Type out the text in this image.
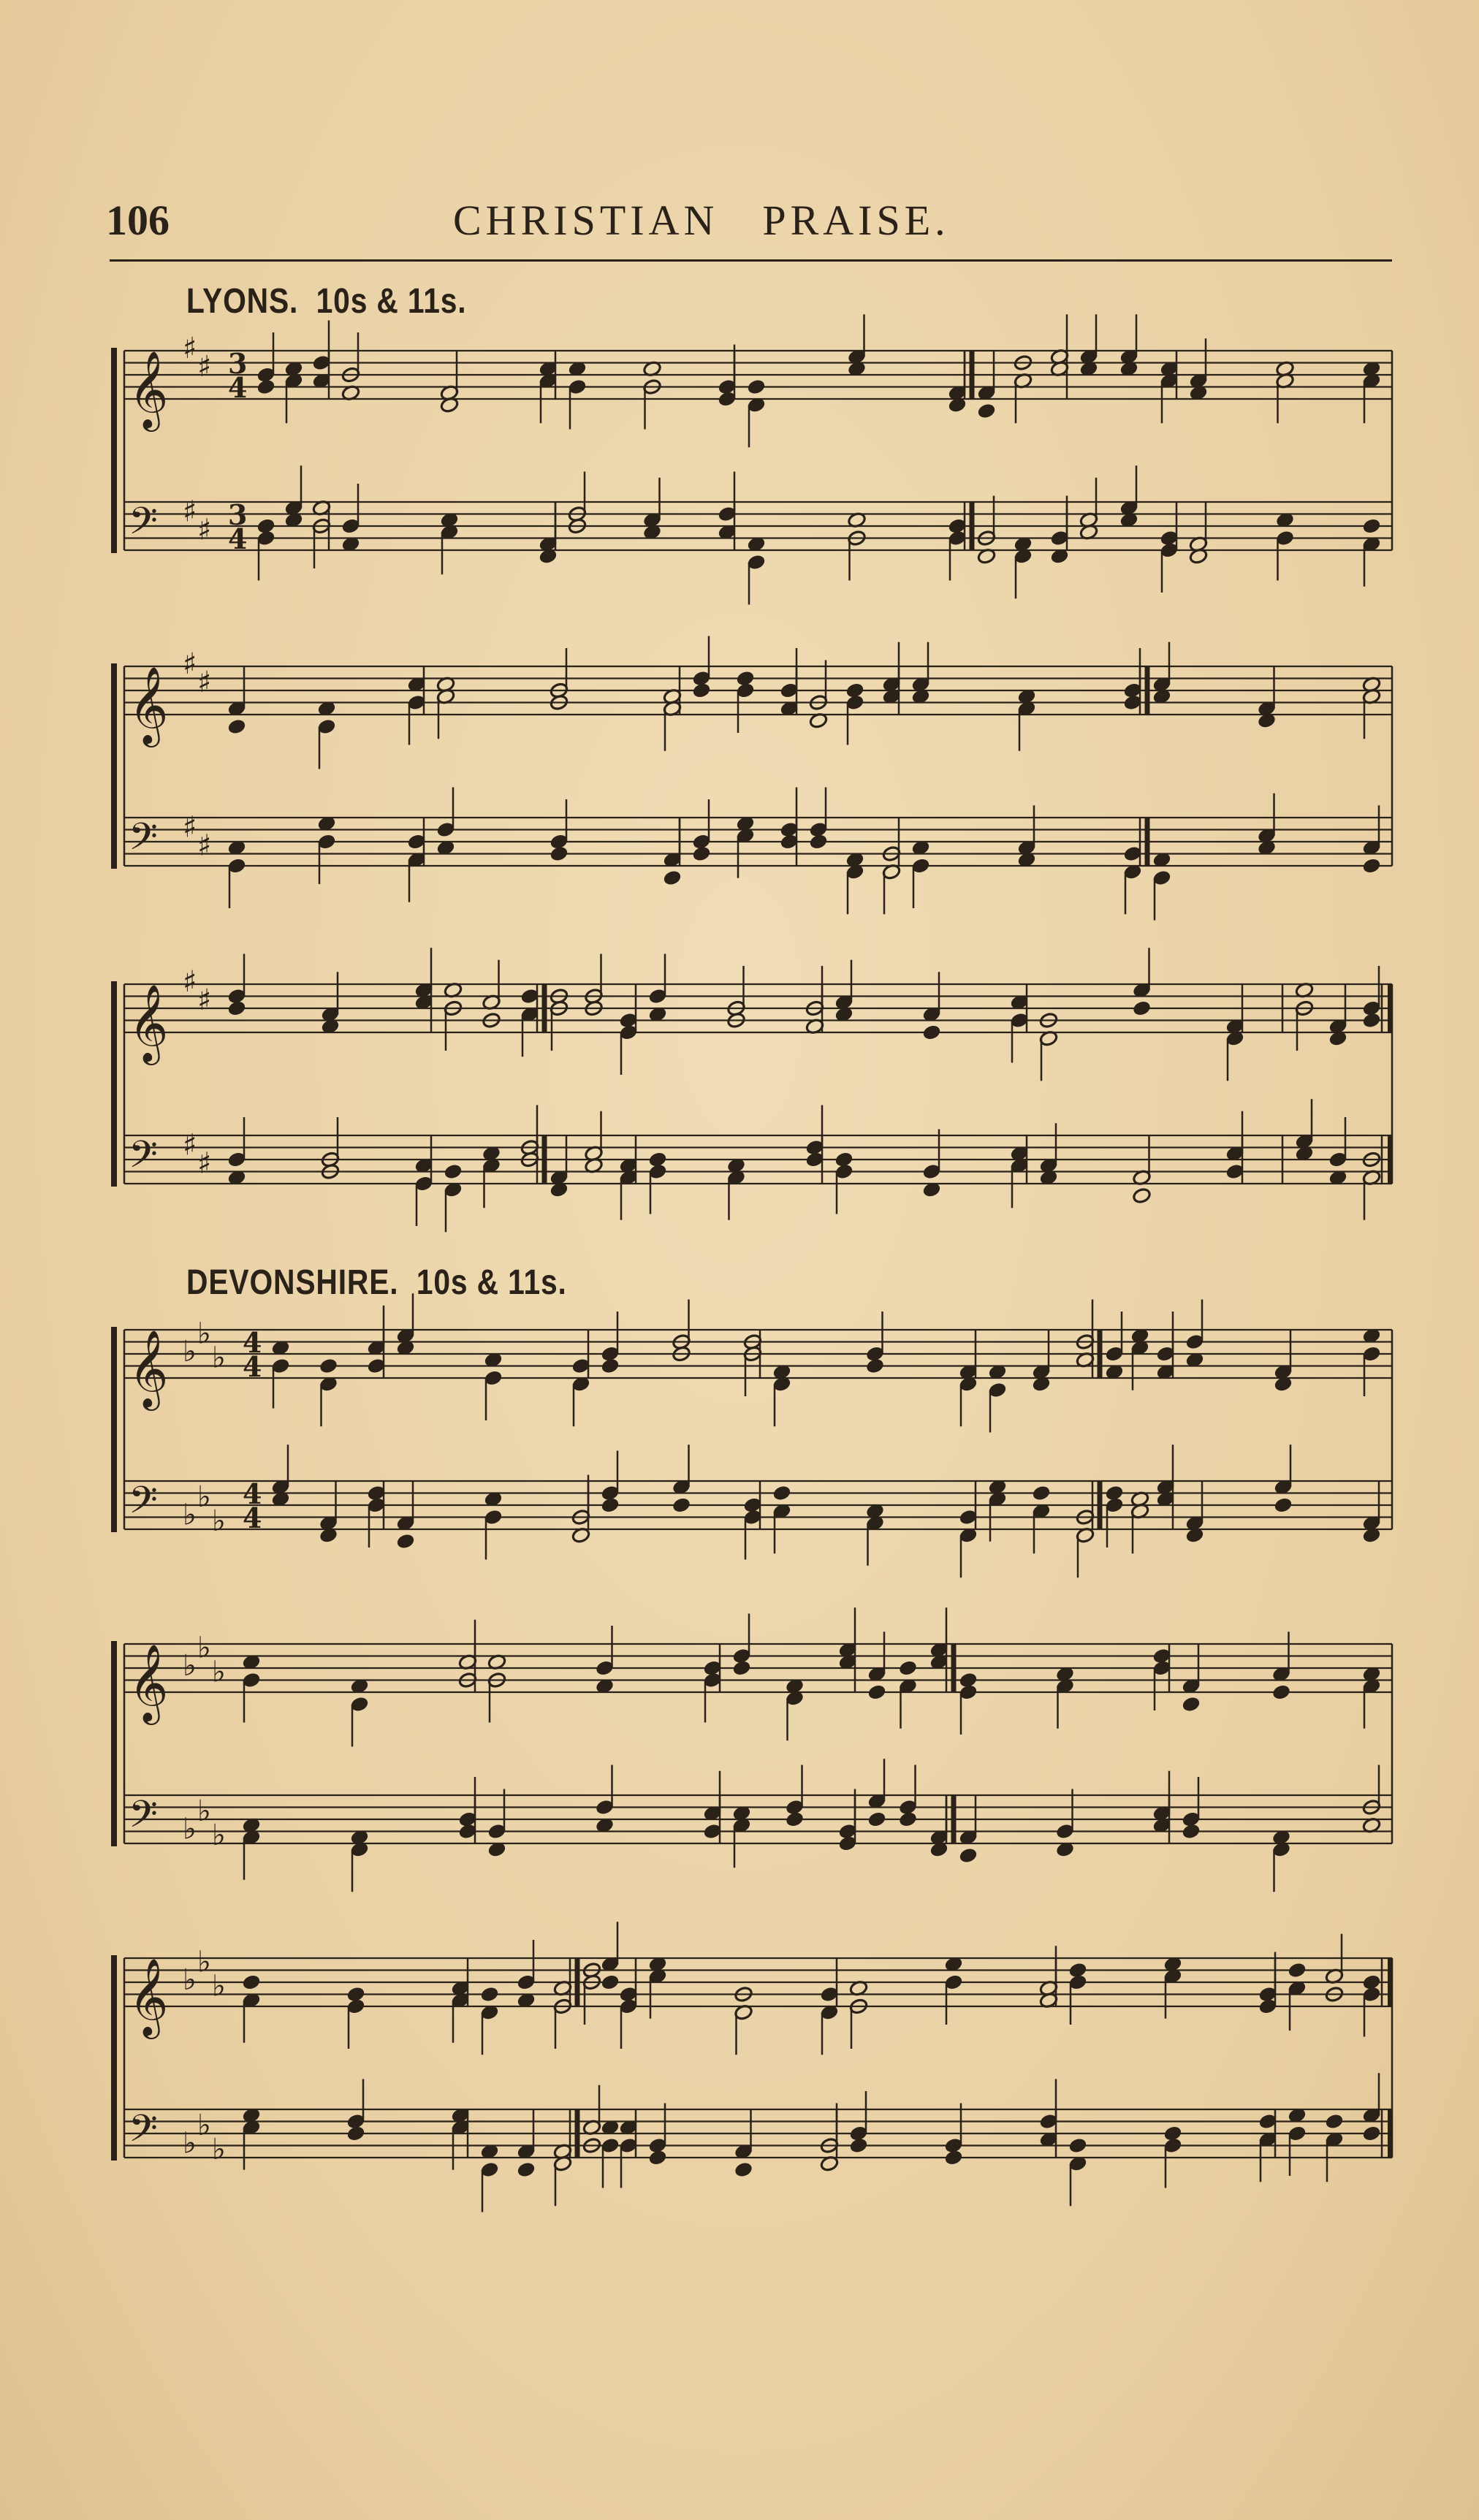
106	CHRISTIAN PRAISE.
LYONS. 10s & 11s.
DEVONSHIRE. 10s & 11s.
𝄞
𝄢
♯
♯
♯
♯
3
4
3
4
𝄞
𝄢
♯
♯
♯
♯
𝄞
𝄢
♯
♯
♯
♯
𝄞
𝄢
♭
♭
♭
♭
♭
♭
4
4
4
4
𝄞
𝄢
♭
♭
♭
♭
♭
♭
𝄞
𝄢
♭
♭
♭
♭
♭
♭
